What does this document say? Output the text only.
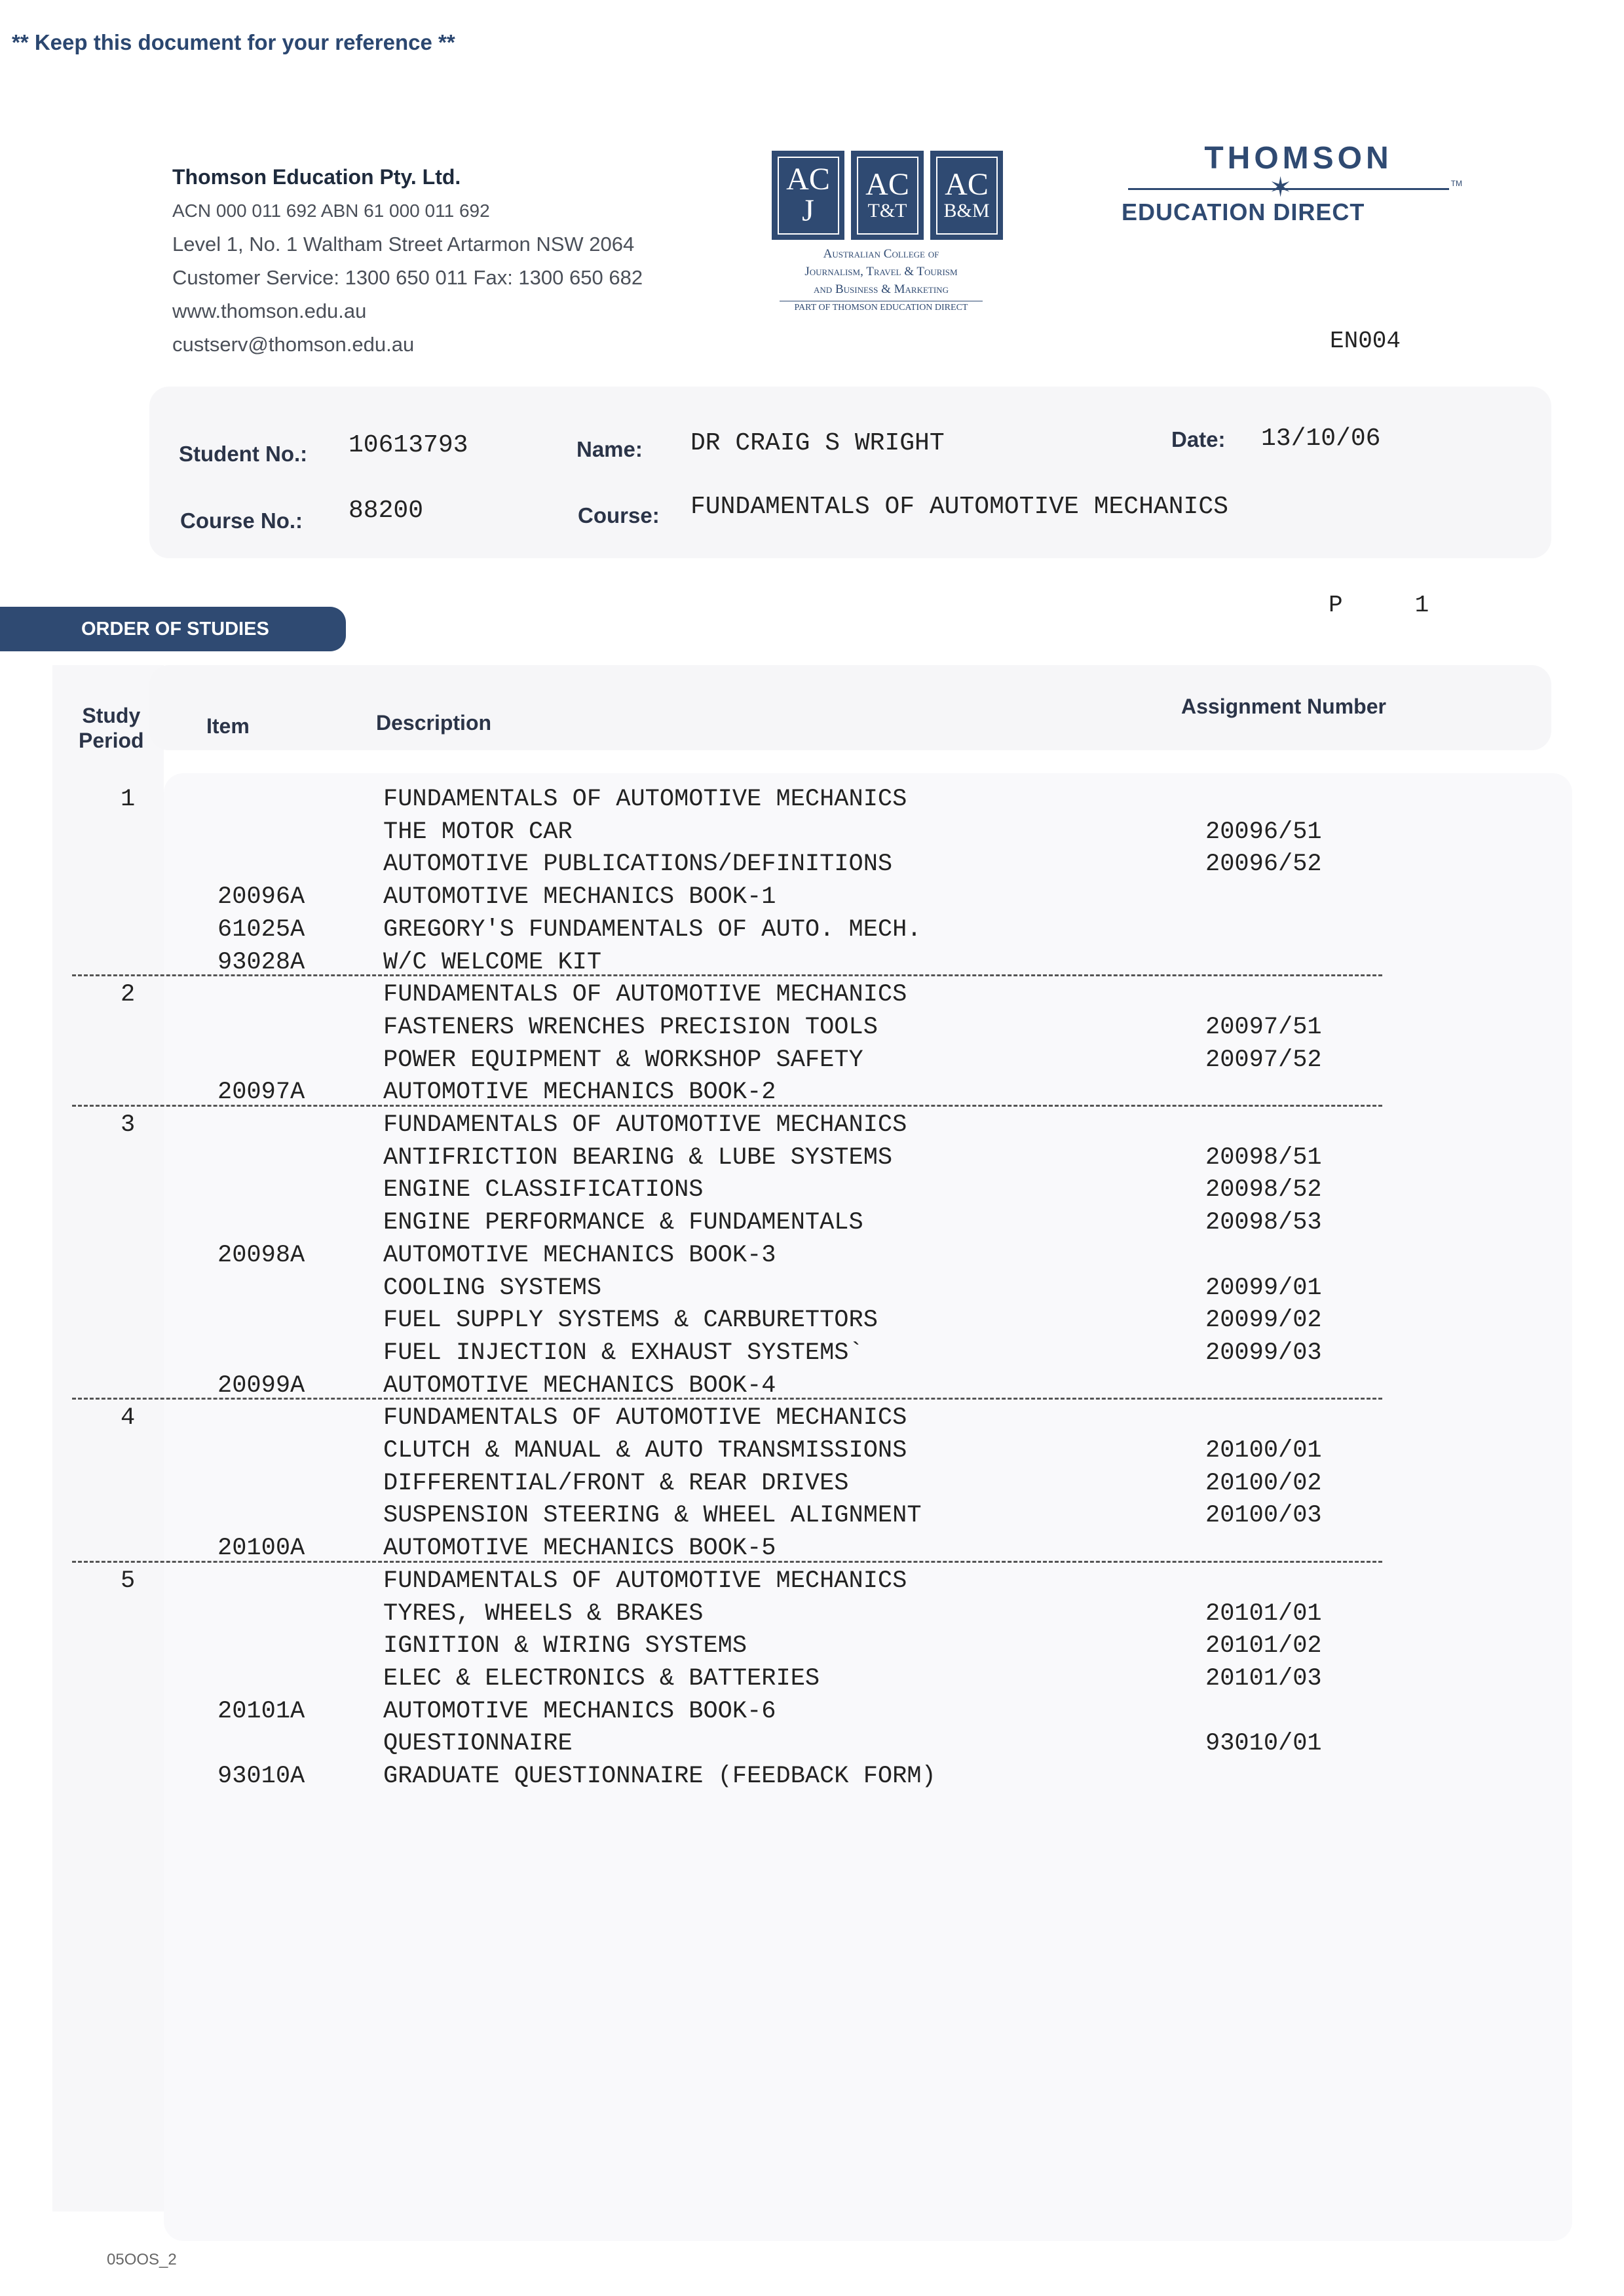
** Keep this document for your reference **
Thomson Education Pty. Ltd.
ACN 000 011 692 ABN 61 000 011 692
Level 1, No. 1 Waltham Street Artarmon NSW 2064
Customer Service: 1300 650 011 Fax: 1300 650 682
www.thomson.edu.au
custserv@thomson.edu.au
AC
J
AC
T&T
AC
B&M
Australian College of
Journalism, Travel & Tourism
and Business & Marketing
PART OF THOMSON EDUCATION DIRECT
THOMSON
✶	TM
EDUCATION DIRECT
EN004
Student No.: 10613793	Name: DR CRAIG S WRIGHT	Date: 13/10/06
Course No.: 88200	Course: FUNDAMENTALS OF AUTOMOTIVE MECHANICS
ORDER OF STUDIES
P	1
Study
Period
Item	Description
Assignment Number
1	FUNDAMENTALS OF AUTOMOTIVE MECHANICS
THE MOTOR CAR	20096/51
AUTOMOTIVE PUBLICATIONS/DEFINITIONS	20096/52
20096A	AUTOMOTIVE MECHANICS BOOK-1
61025A	GREGORY'S FUNDAMENTALS OF AUTO. MECH.
93028A	W/C WELCOME KIT
2	FUNDAMENTALS OF AUTOMOTIVE MECHANICS
FASTENERS WRENCHES PRECISION TOOLS	20097/51
POWER EQUIPMENT & WORKSHOP SAFETY	20097/52
20097A	AUTOMOTIVE MECHANICS BOOK-2
3	FUNDAMENTALS OF AUTOMOTIVE MECHANICS
ANTIFRICTION BEARING & LUBE SYSTEMS	20098/51
ENGINE CLASSIFICATIONS	20098/52
ENGINE PERFORMANCE & FUNDAMENTALS	20098/53
20098A	AUTOMOTIVE MECHANICS BOOK-3
COOLING SYSTEMS	20099/01
FUEL SUPPLY SYSTEMS & CARBURETTORS	20099/02
FUEL INJECTION & EXHAUST SYSTEMS`	20099/03
20099A	AUTOMOTIVE MECHANICS BOOK-4
4	FUNDAMENTALS OF AUTOMOTIVE MECHANICS
CLUTCH & MANUAL & AUTO TRANSMISSIONS	20100/01
DIFFERENTIAL/FRONT & REAR DRIVES	20100/02
SUSPENSION STEERING & WHEEL ALIGNMENT	20100/03
20100A	AUTOMOTIVE MECHANICS BOOK-5
5	FUNDAMENTALS OF AUTOMOTIVE MECHANICS
TYRES, WHEELS & BRAKES	20101/01
IGNITION & WIRING SYSTEMS	20101/02
ELEC & ELECTRONICS & BATTERIES	20101/03
20101A	AUTOMOTIVE MECHANICS BOOK-6
QUESTIONNAIRE	93010/01
93010A	GRADUATE QUESTIONNAIRE (FEEDBACK FORM)
05OOS_2
